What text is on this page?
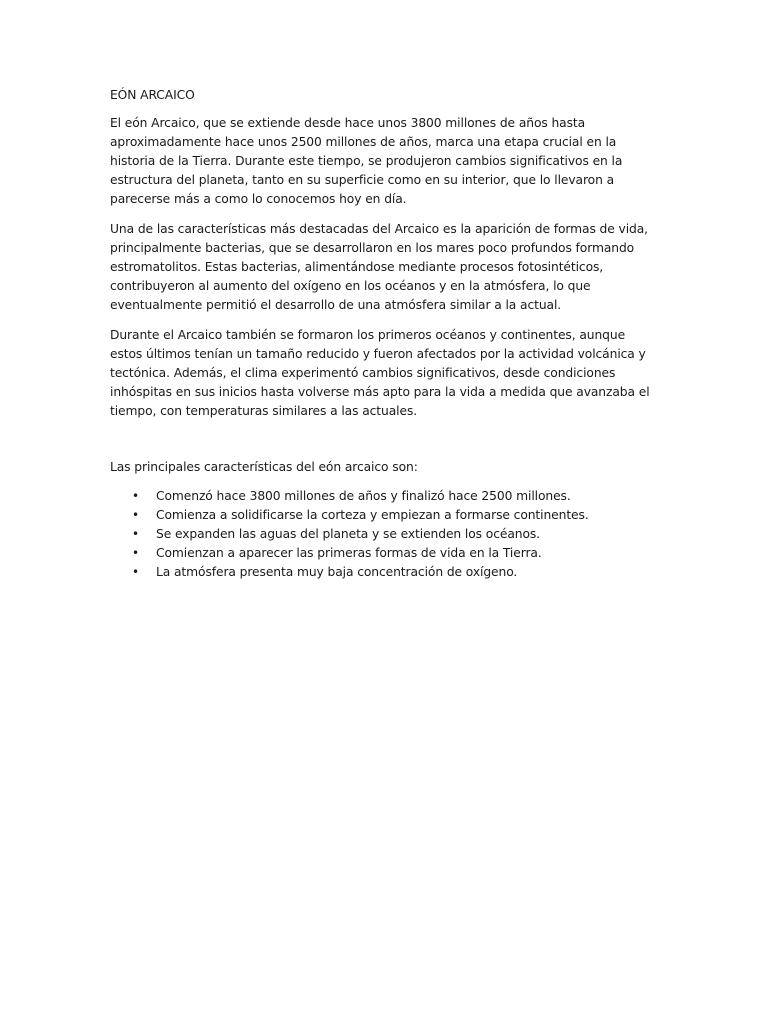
EÓN ARCAICO

El eón Arcaico, que se extiende desde hace unos 3800 millones de años hasta aproximadamente hace unos 2500 millones de años, marca una etapa crucial en la historia de la Tierra. Durante este tiempo, se produjeron cambios significativos en la estructura del planeta, tanto en su superficie como en su interior, que lo llevaron a parecerse más a como lo conocemos hoy en día.

Una de las características más destacadas del Arcaico es la aparición de formas de vida, principalmente bacterias, que se desarrollaron en los mares poco profundos formando estromatolitos. Estas bacterias, alimentándose mediante procesos fotosintéticos, contribuyeron al aumento del oxígeno en los océanos y en la atmósfera, lo que eventualmente permitió el desarrollo de una atmósfera similar a la actual.

Durante el Arcaico también se formaron los primeros océanos y continentes, aunque estos últimos tenían un tamaño reducido y fueron afectados por la actividad volcánica y tectónica. Además, el clima experimentó cambios significativos, desde condiciones inhóspitas en sus inicios hasta volverse más apto para la vida a medida que avanzaba el tiempo, con temperaturas similares a las actuales.

Las principales características del eón arcaico son:

• Comenzó hace 3800 millones de años y finalizó hace 2500 millones.
• Comienza a solidificarse la corteza y empiezan a formarse continentes.
• Se expanden las aguas del planeta y se extienden los océanos.
• Comienzan a aparecer las primeras formas de vida en la Tierra.
• La atmósfera presenta muy baja concentración de oxígeno.
